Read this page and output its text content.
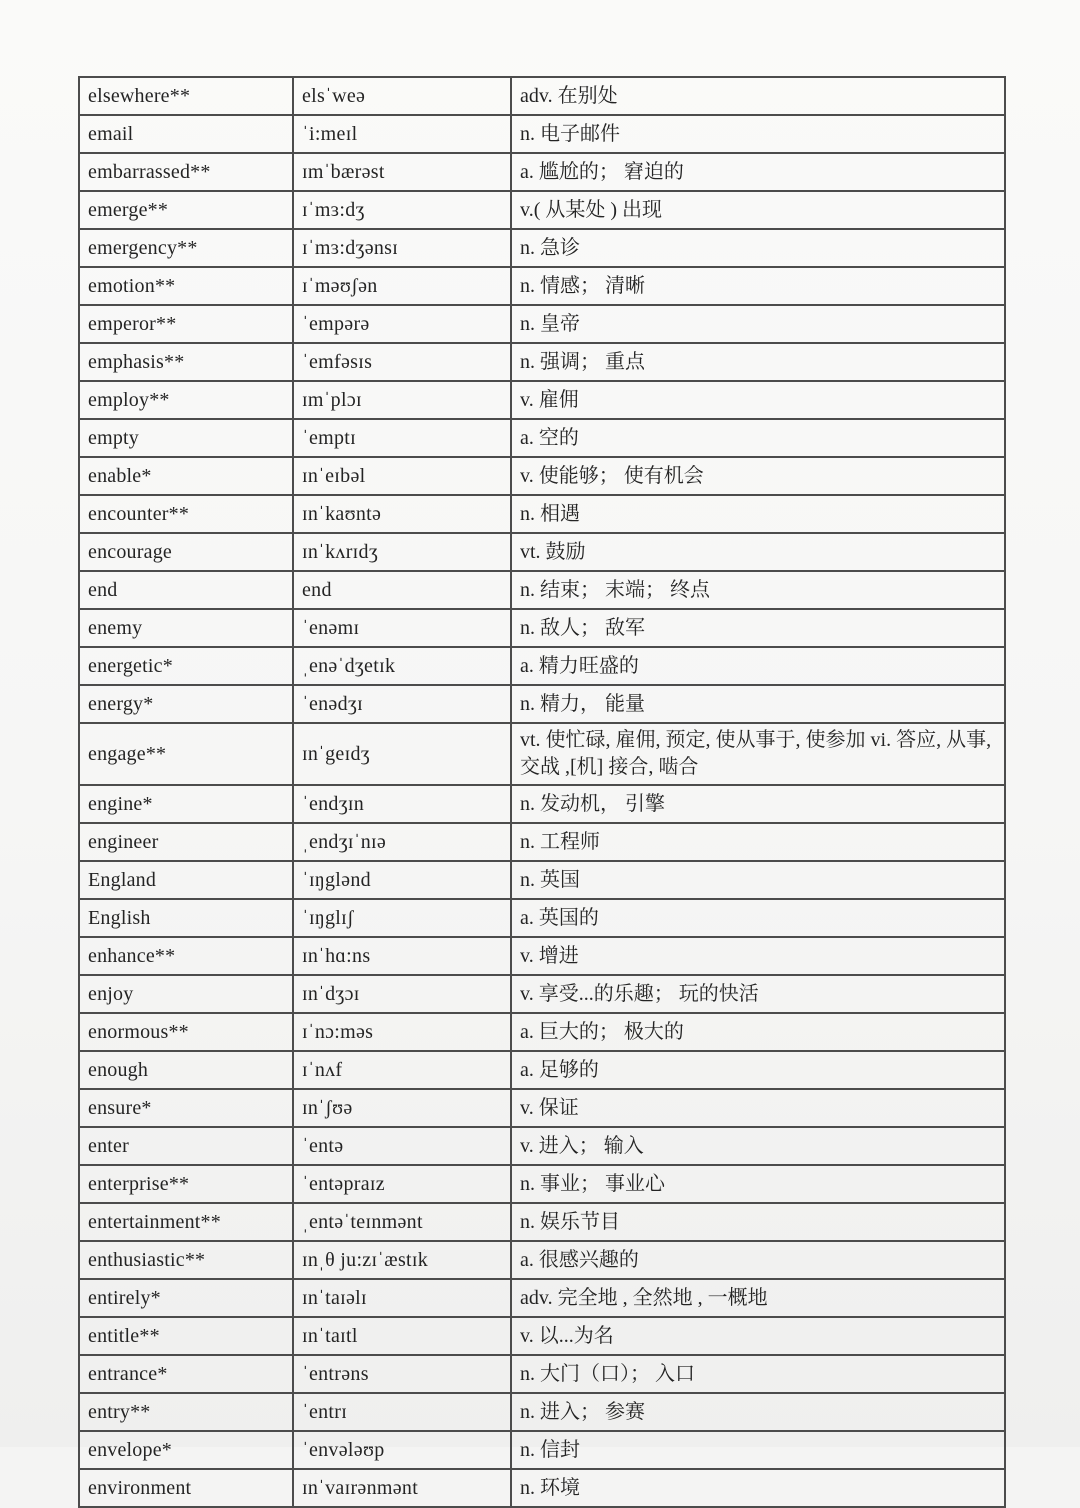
elsewhere**	elsˈweə	adv. 在别处
email	ˈi:meɪl	n. 电子邮件
embarrassed**	ɪmˈbærəst	a. 尴尬的； 窘迫的
emerge**	ɪˈmɜ:dʒ	v.( 从某处 ) 出现
emergency**	ɪˈmɜ:dʒənsɪ	n. 急诊
emotion**	ɪˈməʊʃən	n. 情感； 清晰
emperor**	ˈempərə	n. 皇帝
emphasis**	ˈemfəsɪs	n. 强调； 重点
employ**	ɪmˈplɔɪ	v. 雇佣
empty	ˈemptɪ	a. 空的
enable*	ɪnˈeɪbəl	v. 使能够； 使有机会
encounter**	ɪnˈkaʊntə	n. 相遇
encourage	ɪnˈkʌrɪdʒ	vt. 鼓励
end	end	n. 结束； 末端； 终点
enemy	ˈenəmɪ	n. 敌人； 敌军
energetic*	ˌenəˈdʒetɪk	a. 精力旺盛的
energy*	ˈenədʒɪ	n. 精力， 能量
engage**	ɪnˈgeɪdʒ	vt. 使忙碌, 雇佣, 预定, 使从事于, 使参加 vi. 答应, 从事, 交战 ,[机] 接合, 啮合
engine*	ˈendʒɪn	n. 发动机， 引擎
engineer	ˌendʒɪˈnɪə	n. 工程师
England	ˈɪŋglənd	n. 英国
English	ˈɪŋglɪʃ	a. 英国的
enhance**	ɪnˈhɑ:ns	v. 增进
enjoy	ɪnˈdʒɔɪ	v. 享受...的乐趣； 玩的快活
enormous**	ɪˈnɔ:məs	a. 巨大的； 极大的
enough	ɪˈnʌf	a. 足够的
ensure*	ɪnˈʃʊə	v. 保证
enter	ˈentə	v. 进入； 输入
enterprise**	ˈentəpraɪz	n. 事业； 事业心
entertainment**	ˌentəˈteɪnmənt	n. 娱乐节目
enthusiastic**	ɪnˌθ ju:zɪˈæstɪk	a. 很感兴趣的
entirely*	ɪnˈtaɪəlɪ	adv. 完全地 , 全然地 , 一概地
entitle**	ɪnˈtaɪtl	v. 以...为名
entrance*	ˈentrəns	n. 大门（口）； 入口
entry**	ˈentrɪ	n. 进入； 参赛
envelope*	ˈenvələʊp	n. 信封
environment	ɪnˈvaɪrənmənt	n. 环境
